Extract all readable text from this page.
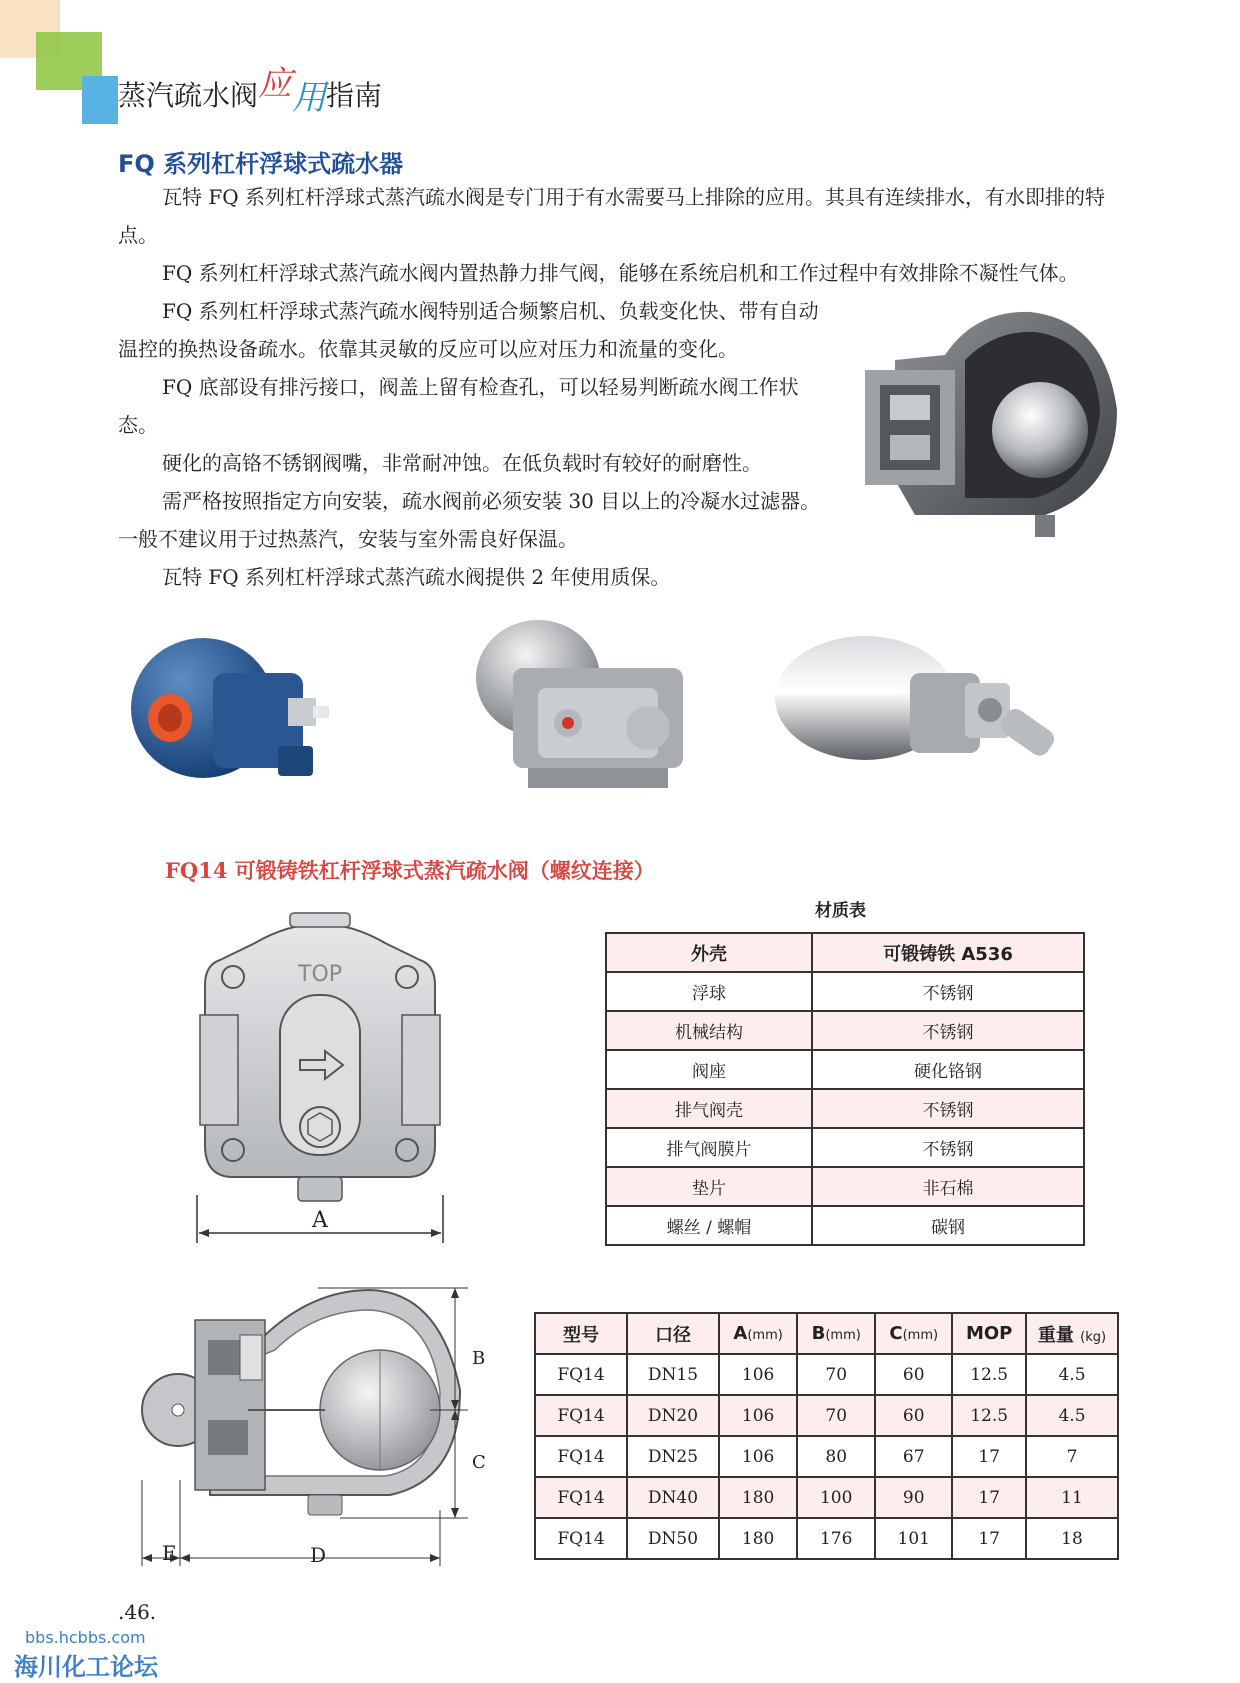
蒸汽疏水阀应用指南
FQ 系列杠杆浮球式疏水器

瓦特 FQ 系列杠杆浮球式蒸汽疏水阀是专门用于有水需要马上排除的应用。其具有连续排水，有水即排的特点。

FQ 系列杠杆浮球式蒸汽疏水阀内置热静力排气阀，能够在系统启机和工作过程中有效排除不凝性气体。

FQ 系列杠杆浮球式蒸汽疏水阀特别适合频繁启机、负载变化快、带有自动温控的换热设备疏水。依靠其灵敏的反应可以应对压力和流量的变化。

FQ 底部设有排污接口，阀盖上留有检查孔，可以轻易判断疏水阀工作状态。

硬化的高铬不锈钢阀嘴，非常耐冲蚀。在低负载时有较好的耐磨性。

需严格按照指定方向安装，疏水阀前必须安装 30 目以上的冷凝水过滤器。一般不建议用于过热蒸汽，安装与室外需良好保温。

瓦特 FQ 系列杠杆浮球式蒸汽疏水阀提供 2 年使用质保。

FQ14 可锻铸铁杠杆浮球式蒸汽疏水阀（螺纹连接）
TOP
A
B
C
D
E
材质表
外壳	可锻铸铁 A536
浮球	不锈钢
机械结构	不锈钢
阀座	硬化铬钢
排气阀壳	不锈钢
排气阀膜片	不锈钢
垫片	非石棉
螺丝 / 螺帽	碳钢
型号	口径	A(mm)	B(mm)	C(mm)	MOP	重量 (kg)
FQ14	DN15	106	70	60	12.5	4.5
FQ14	DN20	106	70	60	12.5	4.5
FQ14	DN25	106	80	67	17	7
FQ14	DN40	180	100	90	17	11
FQ14	DN50	180	176	101	17	18
.46.
bbs.hcbbs.com
海川化工论坛
